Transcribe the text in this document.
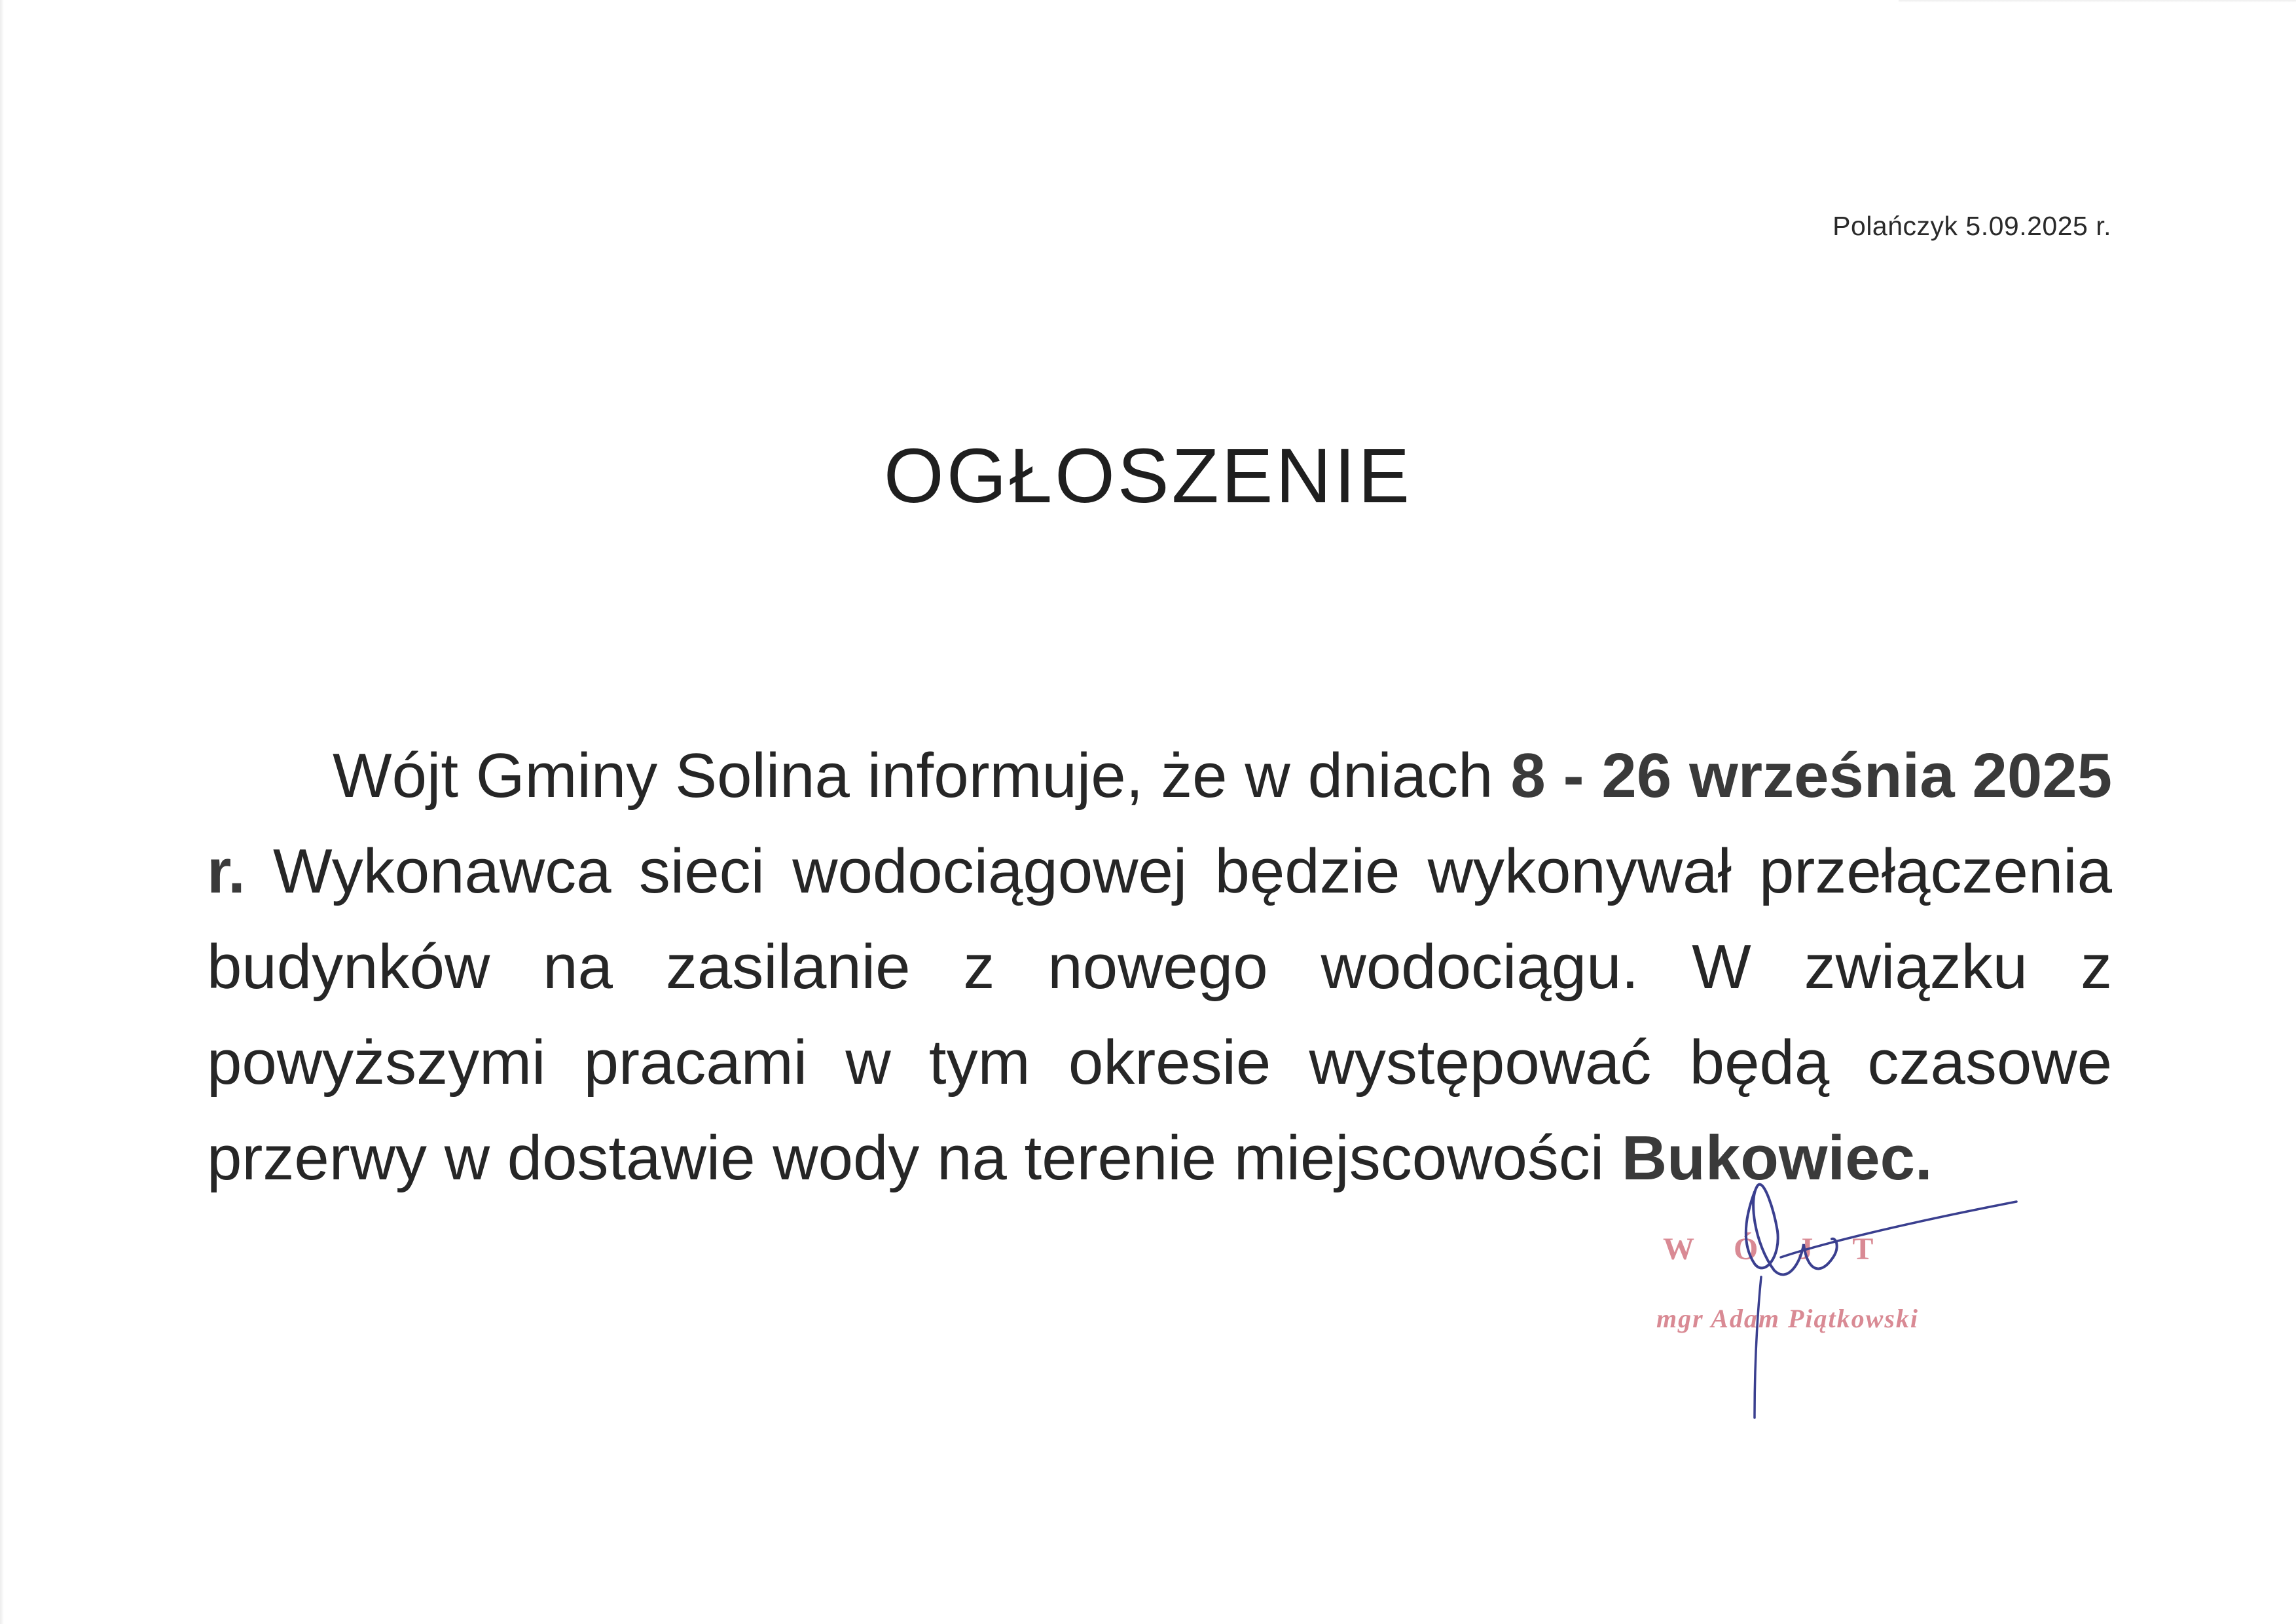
Polańczyk 5.09.2025 r.
OGŁOSZENIE

Wójt Gminy Solina informuje, że w dniach 8 - 26 września 2025 r. Wykonawca sieci wodociągowej będzie wykonywał przełączenia budynków na zasilanie z nowego wodociągu. W związku z powyższymi pracami w tym okresie występować będą czasowe przerwy w dostawie wody na terenie miejscowości Bukowiec.

WÓJT
mgr Adam Piątkowski
